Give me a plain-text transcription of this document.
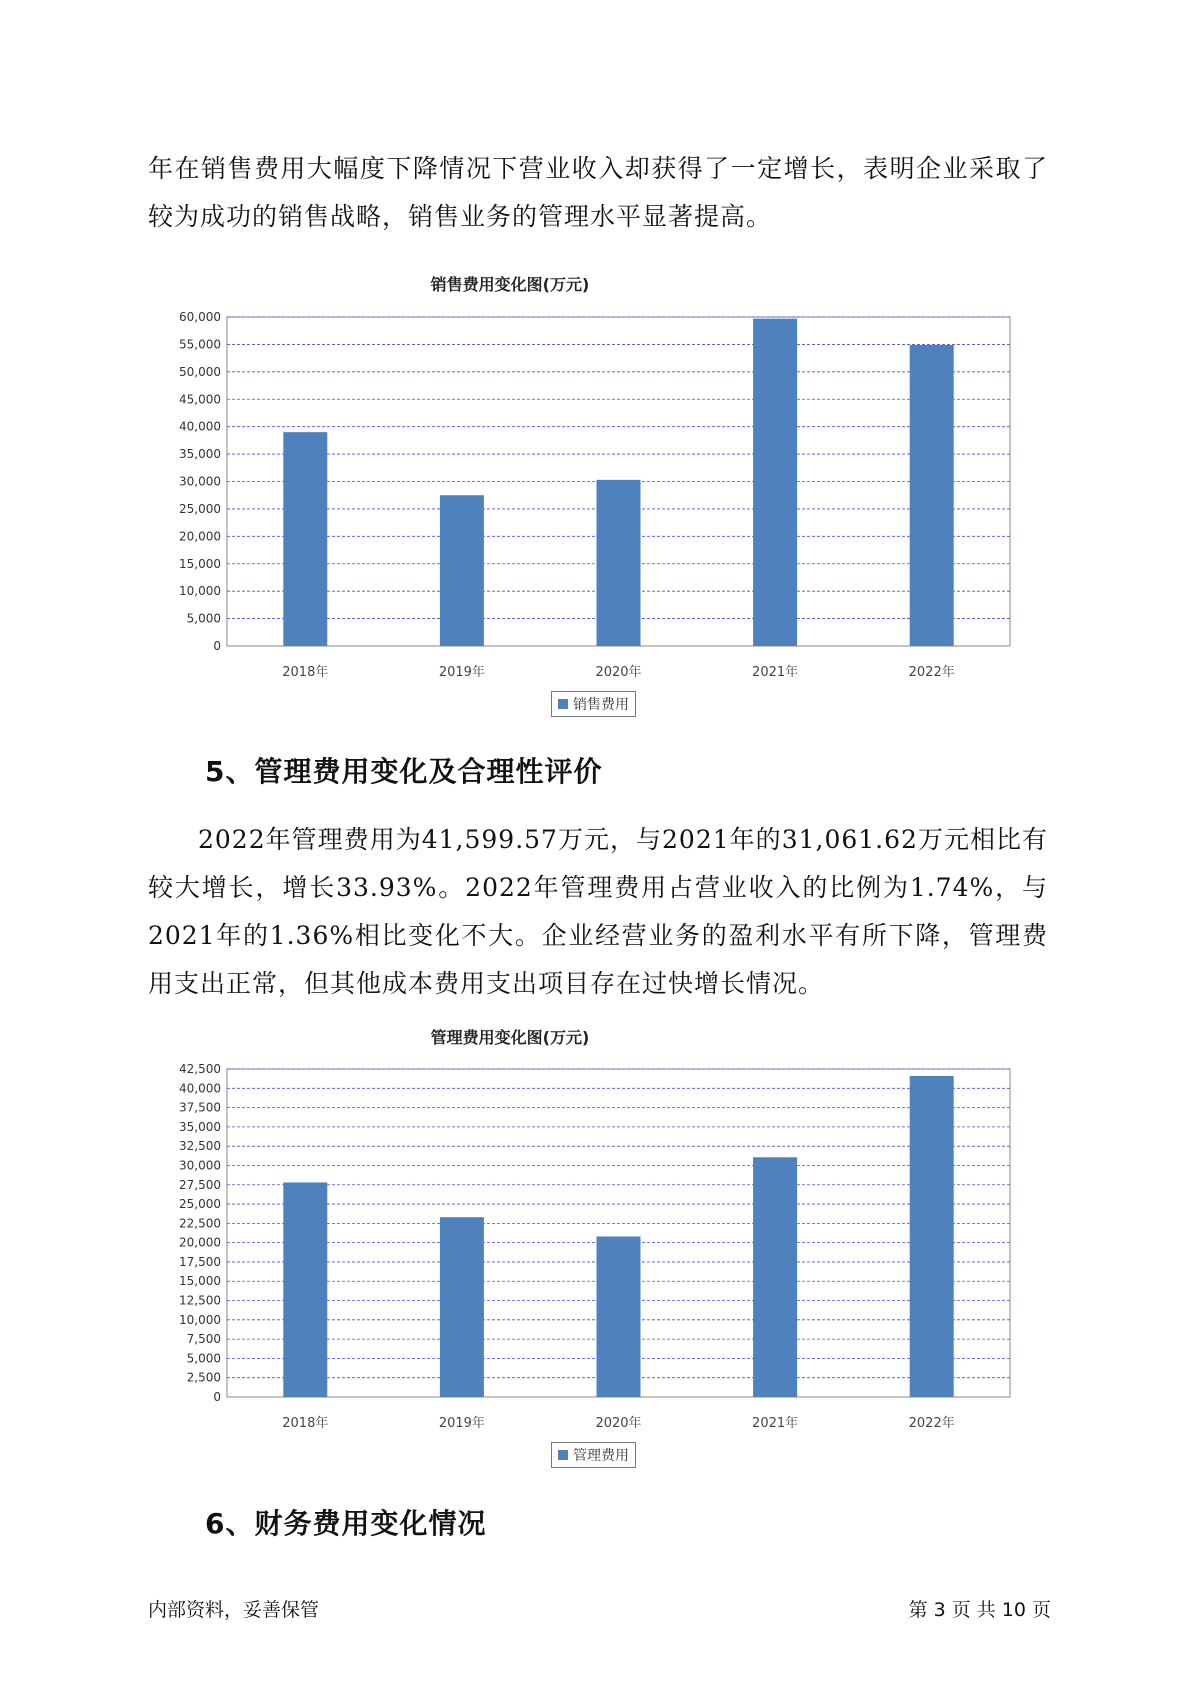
年在销售费用大幅度下降情况下营业收入却获得了一定增长，表明企业采取了较为成功的销售战略，销售业务的管理水平显著提高。

销售费用变化图(万元)
0
5,000
10,000
15,000
20,000
25,000
30,000
35,000
40,000
45,000
50,000
55,000
60,000
2018年	2019年	2020年	2021年	2022年
销售费用
5、管理费用变化及合理性评价

2022年管理费用为41,599.57万元，与2021年的31,061.62万元相比有较大增长，增长33.93%。2022年管理费用占营业收入的比例为1.74%，与2021年的1.36%相比变化不大。企业经营业务的盈利水平有所下降，管理费用支出正常，但其他成本费用支出项目存在过快增长情况。

管理费用变化图(万元)
0
2,500
5,000
7,500
10,000
12,500
15,000
17,500
20,000
22,500
25,000
27,500
30,000
32,500
35,000
37,500
40,000
42,500
2018年	2019年	2020年	2021年	2022年
管理费用
6、财务费用变化情况
内部资料，妥善保管	第 3 页 共 10 页
